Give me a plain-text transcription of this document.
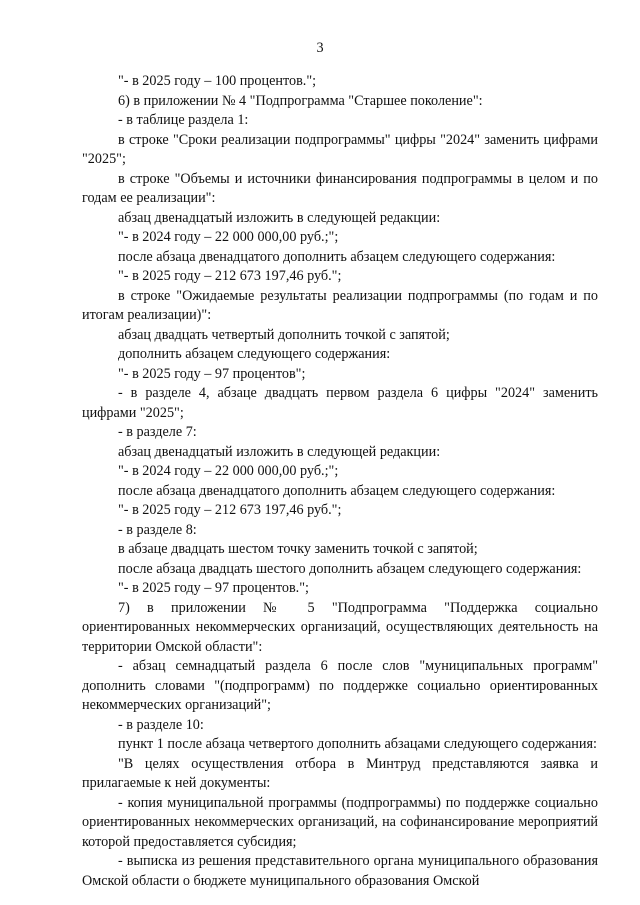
3

"- в 2025 году – 100 процентов.";

6) в приложении № 4 "Подпрограмма "Старшее поколение":

- в таблице раздела 1:

в строке "Сроки реализации подпрограммы" цифры "2024" заменить цифрами "2025";

в строке "Объемы и источники финансирования подпрограммы в целом и по годам ее реализации":

абзац двенадцатый изложить в следующей редакции:

"- в 2024 году – 22 000 000,00 руб.;";

после абзаца двенадцатого дополнить абзацем следующего содержания:

"- в 2025 году – 212 673 197,46 руб.";

в строке "Ожидаемые результаты реализации подпрограммы (по годам и по итогам реализации)":

абзац двадцать четвертый дополнить точкой с запятой;

дополнить абзацем следующего содержания:

"- в 2025 году – 97 процентов";

- в разделе 4, абзаце двадцать первом раздела 6 цифры "2024" заменить цифрами "2025";

- в разделе 7:

абзац двенадцатый изложить в следующей редакции:

"- в 2024 году – 22 000 000,00 руб.;";

после абзаца двенадцатого дополнить абзацем следующего содержания:

"- в 2025 году – 212 673 197,46 руб.";

- в разделе 8:

в абзаце двадцать шестом точку заменить точкой с запятой;

после абзаца двадцать шестого дополнить абзацем следующего содержания:

"- в 2025 году – 97 процентов.";

7) в приложении № 5 "Подпрограмма "Поддержка социально ориентированных некоммерческих организаций, осуществляющих деятельность на территории Омской области":

- абзац семнадцатый раздела 6 после слов "муниципальных программ" дополнить словами "(подпрограмм) по поддержке социально ориентированных некоммерческих организаций";

- в разделе 10:

пункт 1 после абзаца четвертого дополнить абзацами следующего содержания:

"В целях осуществления отбора в Минтруд представляются заявка и прилагаемые к ней документы:

- копия муниципальной программы (подпрограммы) по поддержке социально ориентированных некоммерческих организаций, на софинансирование мероприятий которой предоставляется субсидия;

- выписка из решения представительного органа муниципального образования Омской области о бюджете муниципального образования Омской
